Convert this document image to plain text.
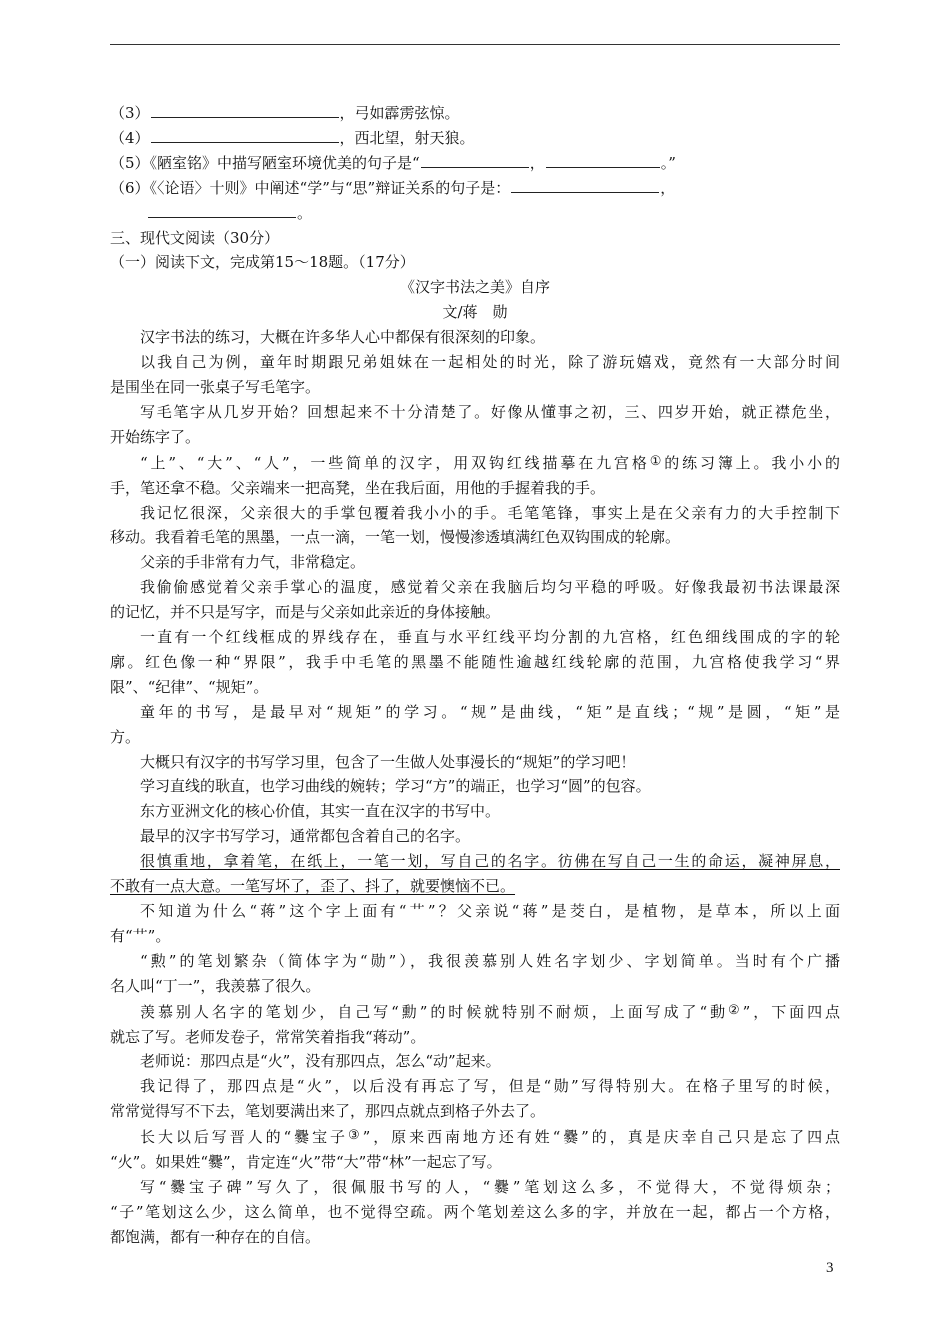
（3）	，弓如霹雳弦惊。
（4）	，西北望，射天狼。
（5）《陋室铭》中描写陋室环境优美的句子是“	，	。”
（6）《〈论语〉十则》中阐述“学”与“思”辩证关系的句子是：	，
。
三、现代文阅读（30分）
（一）阅读下文，完成第15～18题。（17分）
《汉字书法之美》自序
文/蒋　勋
汉字书法的练习，大概在许多华人心中都保有很深刻的印象。
以我自己为例，童年时期跟兄弟姐妹在一起相处的时光，除了游玩嬉戏，竟然有一大部分时间
是围坐在同一张桌子写毛笔字。
写毛笔字从几岁开始？回想起来不十分清楚了。好像从懂事之初，三、四岁开始，就正襟危坐，
开始练字了。
“上”、“大”、“人”，一些简单的汉字，用双钩红线描摹在九宫格①的练习簿上。我小小的
手，笔还拿不稳。父亲端来一把高凳，坐在我后面，用他的手握着我的手。
我记忆很深，父亲很大的手掌包覆着我小小的手。毛笔笔锋，事实上是在父亲有力的大手控制下
移动。我看着毛笔的黑墨，一点一滴，一笔一划，慢慢渗透填满红色双钩围成的轮廓。
父亲的手非常有力气，非常稳定。
我偷偷感觉着父亲手掌心的温度，感觉着父亲在我脑后均匀平稳的呼吸。好像我最初书法课最深
的记忆，并不只是写字，而是与父亲如此亲近的身体接触。
一直有一个红线框成的界线存在，垂直与水平红线平均分割的九宫格，红色细线围成的字的轮
廓。红色像一种“界限”，我手中毛笔的黑墨不能随性逾越红线轮廓的范围，九宫格使我学习“界
限”、“纪律”、“规矩”。
童年的书写，是最早对“规矩”的学习。“规”是曲线，“矩”是直线；“规”是圆，“矩”是
方。
大概只有汉字的书写学习里，包含了一生做人处事漫长的“规矩”的学习吧！
学习直线的耿直，也学习曲线的婉转；学习“方”的端正，也学习“圆”的包容。
东方亚洲文化的核心价值，其实一直在汉字的书写中。
最早的汉字书写学习，通常都包含着自己的名字。
很慎重地，拿着笔，在纸上，一笔一划，写自己的名字。彷佛在写自己一生的命运，凝神屏息，
不敢有一点大意。一笔写坏了，歪了、抖了，就要懊恼不已。
不知道为什么“蒋”这个字上面有“艹”？父亲说“蒋”是茭白，是植物，是草本，所以上面
有“艹”。
“勲”的笔划繁杂（简体字为“勋”），我很羡慕别人姓名字划少、字划简单。当时有个广播
名人叫“丁一”，我羡慕了很久。
羡慕别人名字的笔划少，自己写“勳”的时候就特别不耐烦，上面写成了“動②”，下面四点
就忘了写。老师发卷子，常常笑着指我“蒋动”。
老师说：那四点是“火”，没有那四点，怎么“动”起来。
我记得了，那四点是“火”，以后没有再忘了写，但是“勋”写得特别大。在格子里写的时候，
常常觉得写不下去，笔划要满出来了，那四点就点到格子外去了。
长大以后写晋人的“爨宝子③”，原来西南地方还有姓“爨”的，真是庆幸自己只是忘了四点
“火”。如果姓“爨”，肯定连“火”带“大”带“林”一起忘了写。
写“爨宝子碑”写久了，很佩服书写的人，“爨”笔划这么多，不觉得大，不觉得烦杂；
“子”笔划这么少，这么简单，也不觉得空疏。两个笔划差这么多的字，并放在一起，都占一个方格，
都饱满，都有一种存在的自信。
3
